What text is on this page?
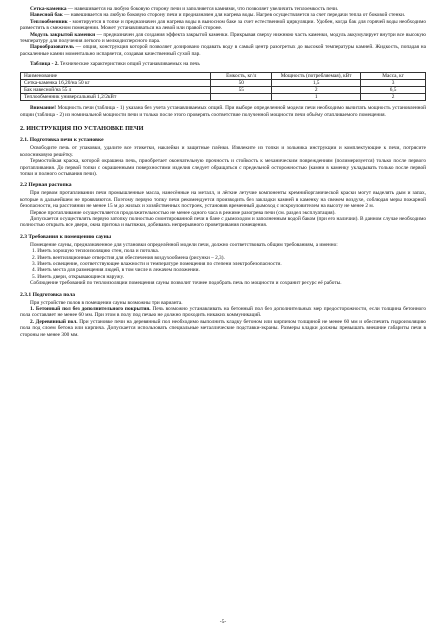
Сетка-каменка — навешивается на любую боковую сторону печи и заполняется камнями, что позволяет увеличить теплоемкость печи.

Навесной бак — навешивается на любую боковую сторону печи и предназначен для нагрева воды. Нагрев осуществляется за счет передачи тепла от боковой стенки.

Теплообменник - монтируется в топке и предназначен для нагрева воды в выносном баке за счет естественной циркуляции. Удобен, когда бак для горячей воды необходимо разместить в смежном помещении. Может устанавливаться на левой или правой стороне.

Модуль закрытой каменки — предназначен для создания эффекта закрытой каменки. Прикрывая сверху нижнюю часть каменки, модуль аккумулирует внутри все высокую температуру для получения легкого и мелкодисперсного пара.

Парообразователь — опция, конструкция которой позволяет дозировано подавать воду в самый центр разогретых до высокой температуры камней. Жидкость, попадая на раскаленные камни моментально испаряется, создавая качественный сухой пар.

Таблица - 2. Технические характеристики опций устанавливаемых на печь

Наименование	Емкость, кг/л	Мощность (потребляемая), кВт	Масса, кг
Сетка-каменка 16,20/на 50 кг	50	1,5	3
Бак навесной/на 55 л	55	2	6,5
Теплообменник универсальный 1,2/2кВт		1	2

Внимание! Мощность печи (таблица - 1) указана без учета устанавливаемых опций. При выборе определенной модели печи необходимо вычитать мощность установленной опции (таблица - 2) из номинальной мощности печи и только после этого проверять соответствие полученной мощности печи объёму отапливаемого помещения.

2. ИНСТРУКЦИЯ ПО УСТАНОВКЕ ПЕЧИ
2.1. Подготовка печи к установке

Освободите печь от упаковки, удалите все этикетки, наклейки и защитные плёнки. Извлеките из топки и зольника инструкции и комплектующие к печи, потрясите колосниковую решётку.

Термостойкая краска, которой окрашена печь, приобретает окончательную прочность и стойкость к механическим повреждениям (полимеризуется) только после первого протапливания. До первой топки с окрашенными поверхностями изделия следует обращаться с предельной осторожностью (камни в каменку укладывать только после первой топки и полного остывания печи).

2.2 Первая растопка

При первом протапливании печи промышленные масла, нанесённые на металл, и лёгкие летучие компоненты кремнийорганической краски могут выделять дым и запах, которые в дальнейшем не проявляются. Поэтому первую топку печи рекомендуется производить без закладки камней в каменку на свежем воздухе, соблюдая меры пожарной безопасности, на расстоянии не менее 15 м до жилых и хозяйственных построек, установив временный дымоход с искроуловителем на высоту не менее 2 м.

Первое протапливание осуществляется продолжительностью не менее одного часа в режиме разогрева печи (см. раздел эксплуатация).

Допускается осуществлять первую затопку полностью смонтированной печи в бане с дымоходом и заполненным водой баком (при его наличии). В данном случае необходимо полностью открыть все двери, окна притока и вытяжки, добиваясь непрерывного проветривания помещения.

2.3 Требования к помещению сауны

Помещение сауны, предназначенное для установки определённой модели печи, должно соответствовать общим требованиям, а именно:

1. Иметь хорошую теплоизоляцию стен, пола и потолка.

2. Иметь вентиляционные отверстия для обеспечения воздухообмена (рисунки – 2,3).

3. Иметь освещение, соответствующее влажности и температуре помещения по степени электробезопасности.

4. Иметь места для размещения людей, в том числе в лежачем положении.

5. Иметь двери, открывающиеся наружу.

Соблюдение требований по теплоизоляции помещения сауны позволит точнее подобрать печь по мощности и сохранит ресурс её работы.

2.3.1 Подготовка пола

При устройстве полов в помещении сауны возможны три варианта.

1. Бетонный пол без дополнительного покрытия. Печь возможно устанавливать на бетонный пол без дополнительных мер предосторожности, если толщина бетонного пола составляет не менее 60 мм. При этом в полу под печью не должно проходить никаких коммуникаций.

2. Деревянный пол. При установке печи на деревянный пол необходимо выполнить кладку бетоном или кирпичом толщиной не менее 60 мм и обеспечить гидроизоляцию пола под слоем бетона или кирпича. Допускается использовать специальные металлические подставки-экраны. Размеры кладки должны превышать внешние габариты печи в стороны не менее 300 мм.

-5-
